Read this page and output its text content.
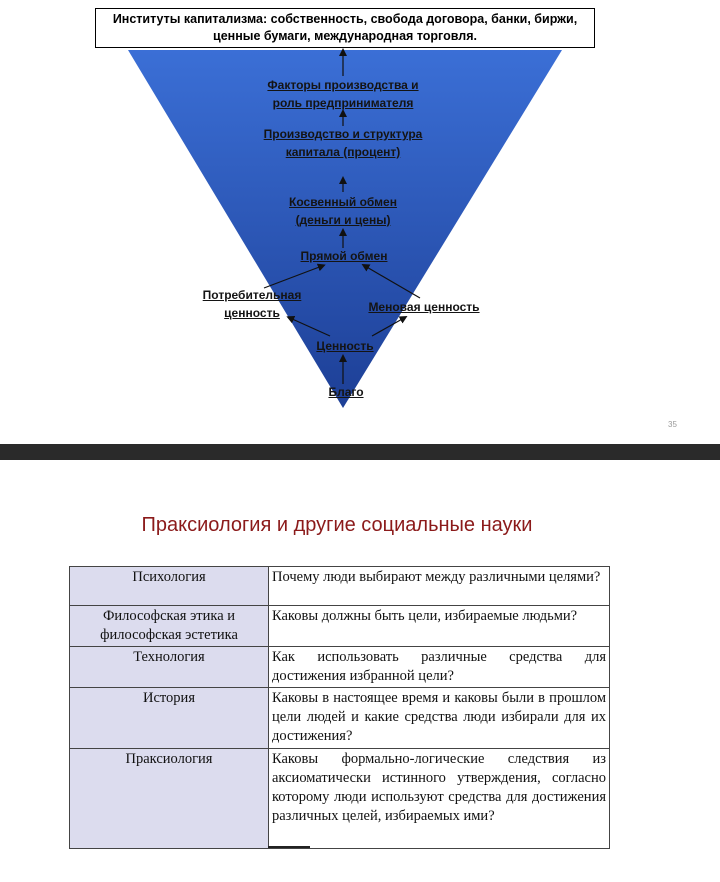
Институты капитализма: собственность, свобода договора, банки, биржи, ценные бумаги, международная торговля.
Факторы производства и роль предпринимателя
Производство и структура капитала (процент)
Косвенный обмен (деньги и цены)
Прямой обмен
Потребительная ценность	Меновая ценность
Ценность
Благо
35
Праксиология и другие социальные науки
Психология	Почему люди выбирают между различными целями?

Философская этика и философская эстетика	Каковы должны быть цели, избираемые людьми?

Технология	Как использовать различные средства для достижения избранной цели?

История	Каковы в настоящее время и каковы были в прошлом цели людей и какие средства люди избирали для их достижения?

Праксиология	Каковы формально-логические следствия из аксиоматически истинного утверждения, согласно которому люди используют средства для достижения различных целей, избираемых ими?
